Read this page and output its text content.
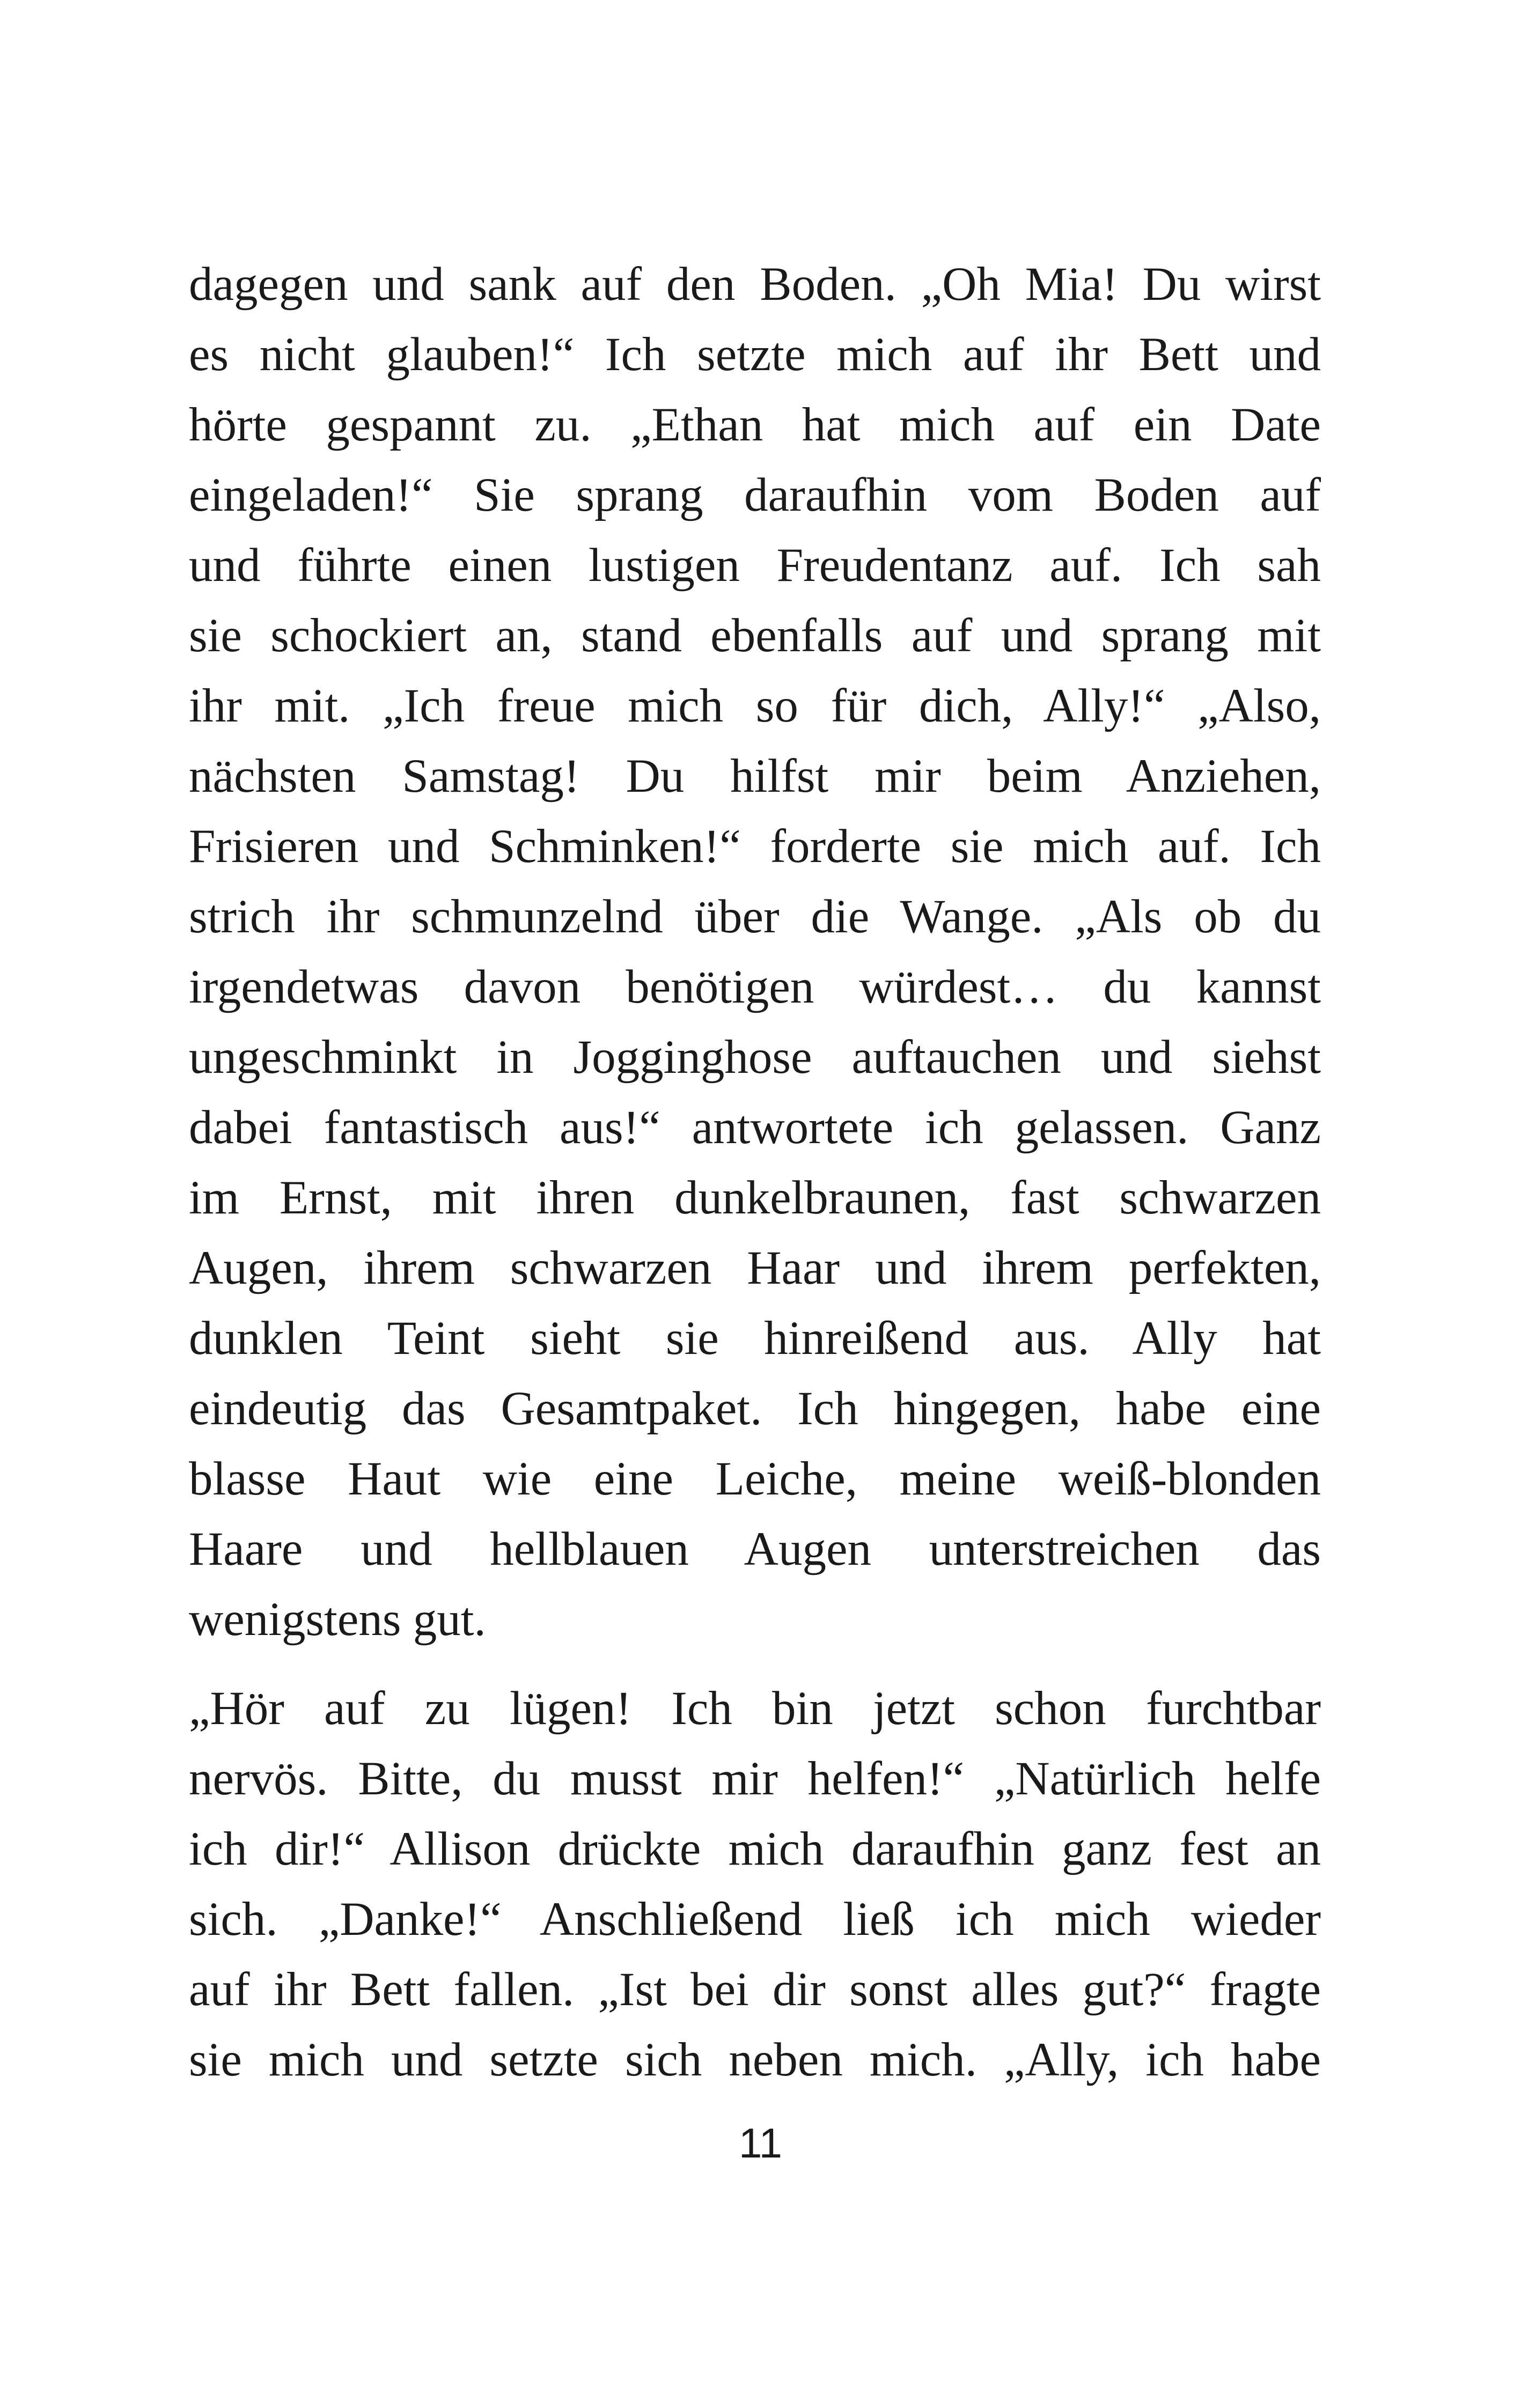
dagegen und sank auf den Boden. „Oh Mia! Du wirst
es nicht glauben!“ Ich setzte mich auf ihr Bett und
hörte gespannt zu. „Ethan hat mich auf ein Date
eingeladen!“ Sie sprang daraufhin vom Boden auf
und führte einen lustigen Freudentanz auf. Ich sah
sie schockiert an, stand ebenfalls auf und sprang mit
ihr mit. „Ich freue mich so für dich, Ally!“ „Also,
nächsten Samstag! Du hilfst mir beim Anziehen,
Frisieren und Schminken!“ forderte sie mich auf. Ich
strich ihr schmunzelnd über die Wange. „Als ob du
irgendetwas davon benötigen würdest… du kannst
ungeschminkt in Jogginghose auftauchen und siehst
dabei fantastisch aus!“ antwortete ich gelassen. Ganz
im Ernst, mit ihren dunkelbraunen, fast schwarzen
Augen, ihrem schwarzen Haar und ihrem perfekten,
dunklen Teint sieht sie hinreißend aus. Ally hat
eindeutig das Gesamtpaket. Ich hingegen, habe eine
blasse Haut wie eine Leiche, meine weiß-blonden
Haare und hellblauen Augen unterstreichen das
wenigstens gut.
„Hör auf zu lügen! Ich bin jetzt schon furchtbar
nervös. Bitte, du musst mir helfen!“ „Natürlich helfe
ich dir!“ Allison drückte mich daraufhin ganz fest an
sich. „Danke!“ Anschließend ließ ich mich wieder
auf ihr Bett fallen. „Ist bei dir sonst alles gut?“ fragte
sie mich und setzte sich neben mich. „Ally, ich habe
11
